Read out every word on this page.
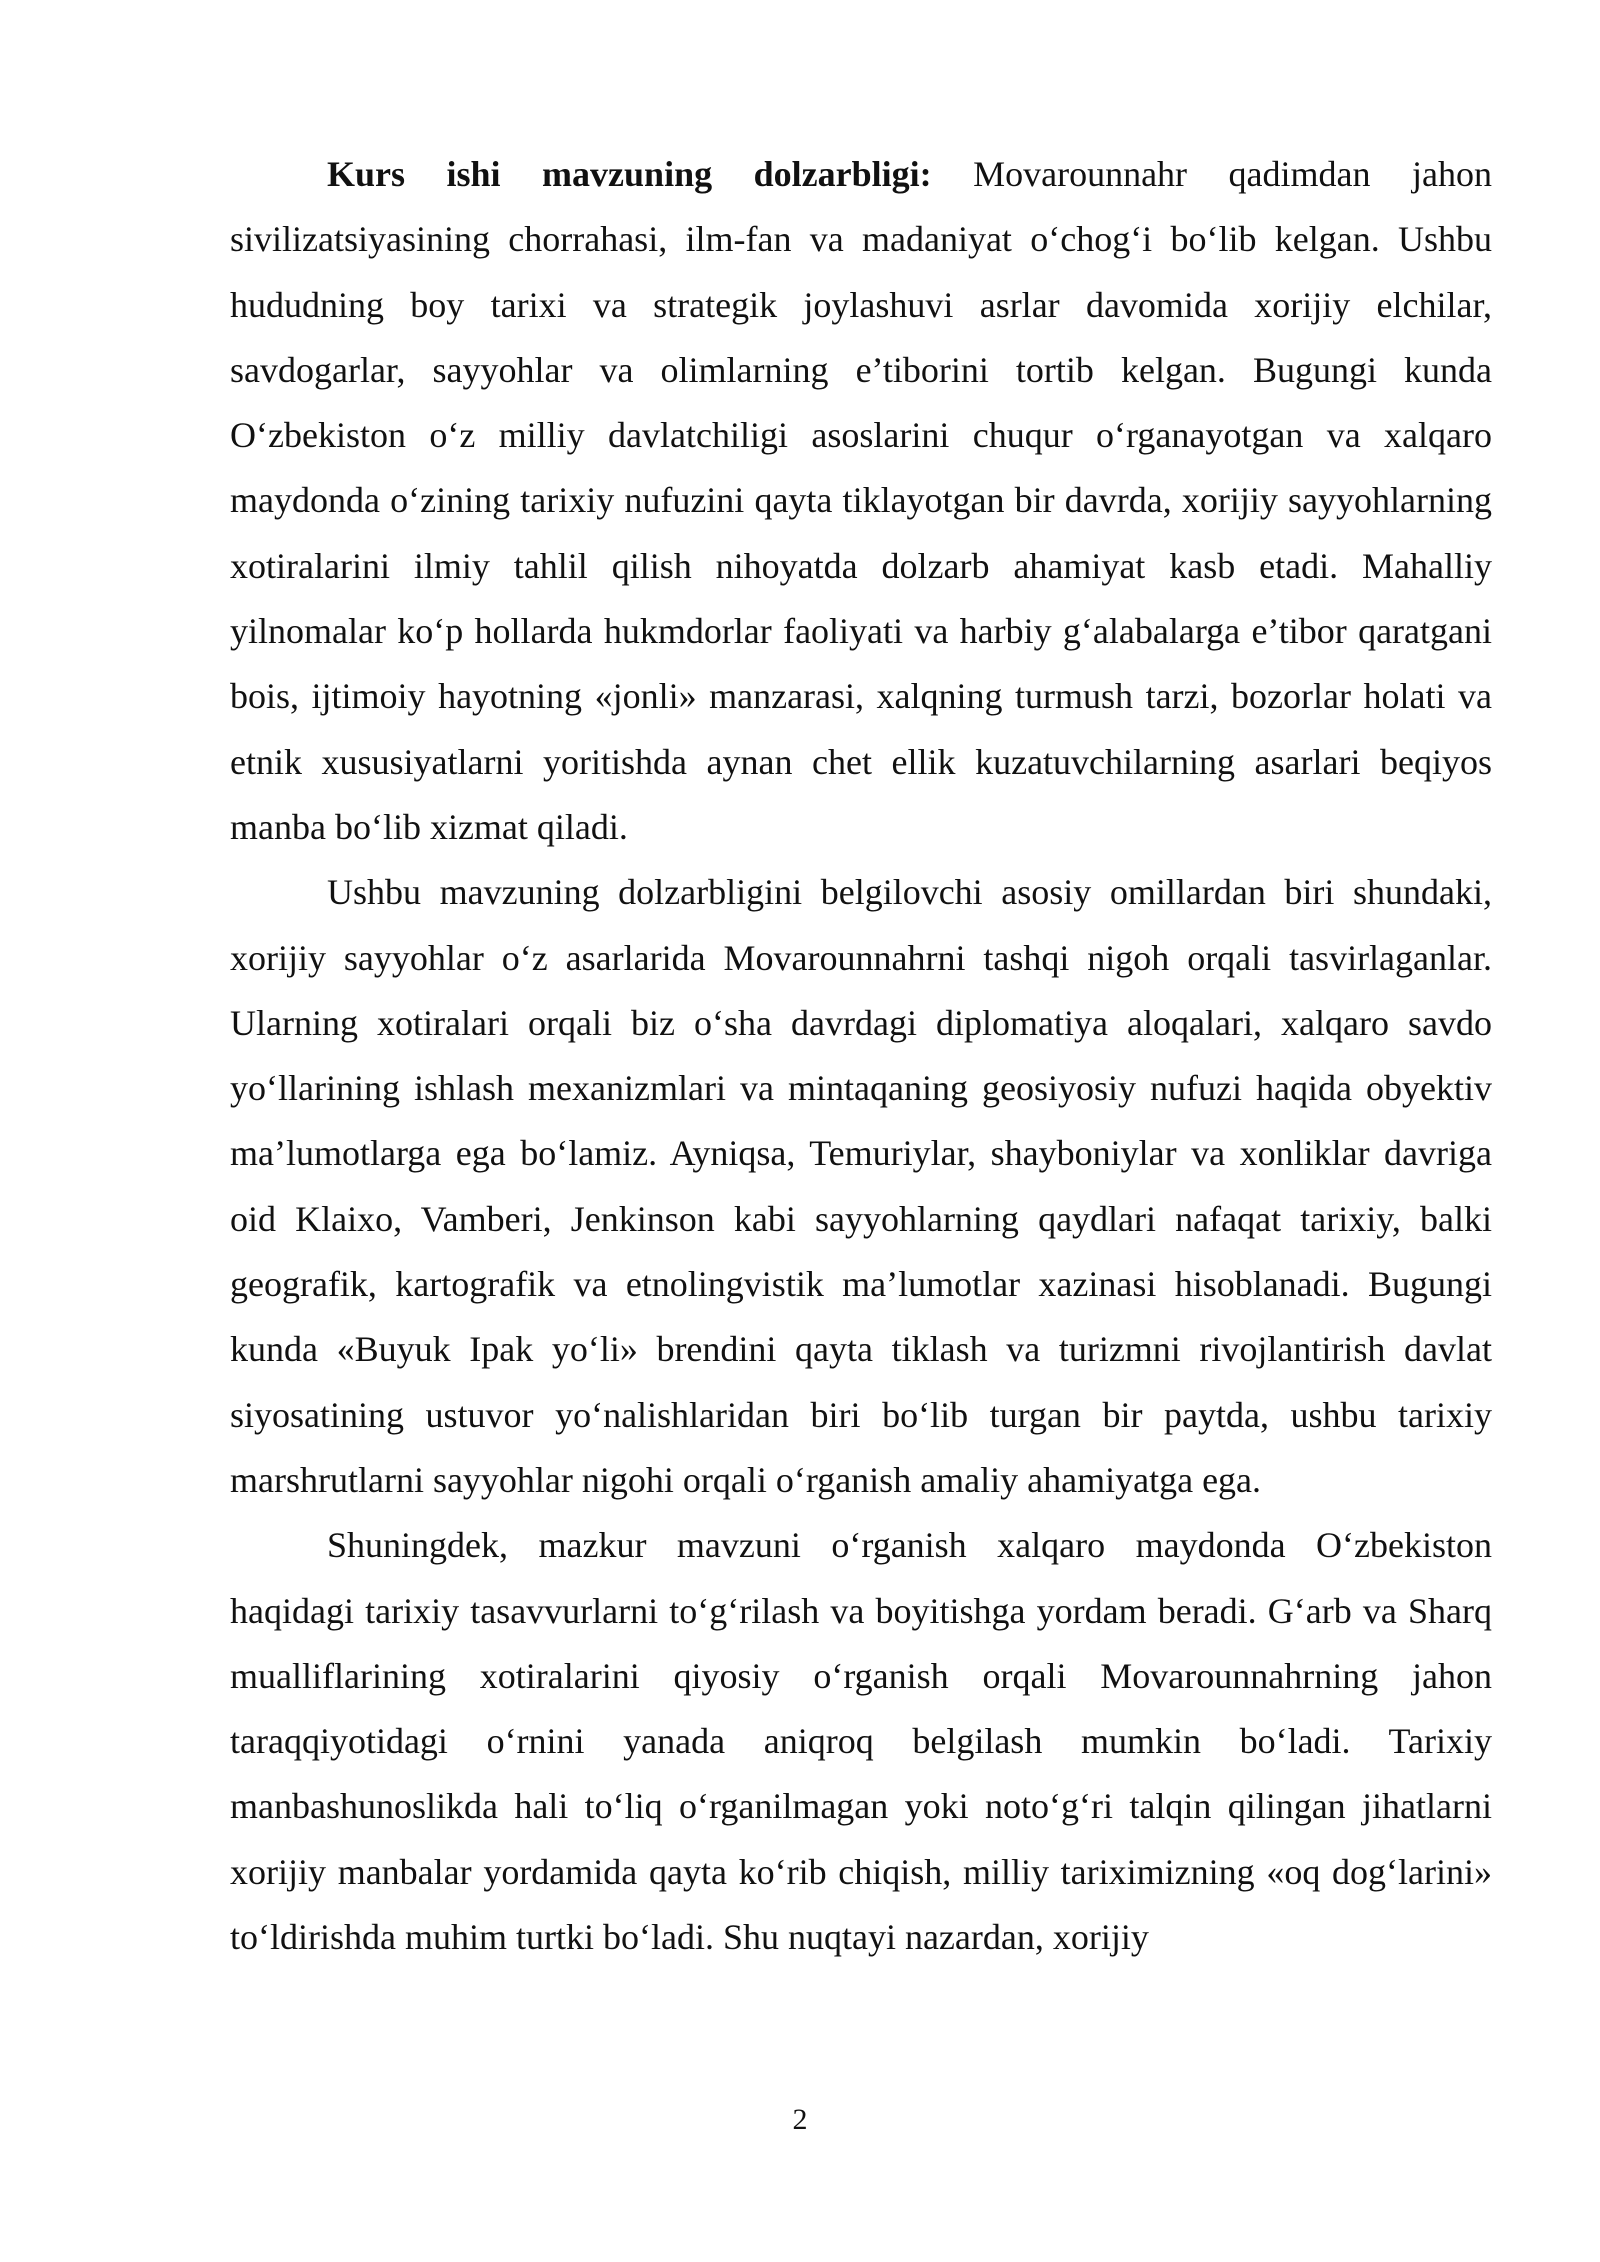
Kurs ishi mavzuning dolzarbligi: Movarounnahr qadimdan jahon sivilizatsiyasining chorrahasi, ilm-fan va madaniyat o‘chog‘i bo‘lib kelgan. Ushbu hududning boy tarixi va strategik joylashuvi asrlar davomida xorijiy elchilar, savdogarlar, sayyohlar va olimlarning e’tiborini tortib kelgan. Bugungi kunda O‘zbekiston o‘z milliy davlatchiligi asoslarini chuqur o‘rganayotgan va xalqaro maydonda o‘zining tarixiy nufuzini qayta tiklayotgan bir davrda, xorijiy sayyohlarning xotiralarini ilmiy tahlil qilish nihoyatda dolzarb ahamiyat kasb etadi. Mahalliy yilnomalar ko‘p hollarda hukmdorlar faoliyati va harbiy g‘alabalarga e’tibor qaratgani bois, ijtimoiy hayotning «jonli» manzarasi, xalqning turmush tarzi, bozorlar holati va etnik xususiyatlarni yoritishda aynan chet ellik kuzatuvchilarning asarlari beqiyos manba bo‘lib xizmat qiladi.

Ushbu mavzuning dolzarbligini belgilovchi asosiy omillardan biri shundaki, xorijiy sayyohlar o‘z asarlarida Movarounnahrni tashqi nigoh orqali tasvirlaganlar. Ularning xotiralari orqali biz o‘sha davrdagi diplomatiya aloqalari, xalqaro savdo yo‘llarining ishlash mexanizmlari va mintaqaning geosiyosiy nufuzi haqida obyektiv ma’lumotlarga ega bo‘lamiz. Ayniqsa, Temuriylar, shayboniylar va xonliklar davriga oid Klaixo, Vamberi, Jenkinson kabi sayyohlarning qaydlari nafaqat tarixiy, balki geografik, kartografik va etnolingvistik ma’lumotlar xazinasi hisoblanadi. Bugungi kunda «Buyuk Ipak yo‘li» brendini qayta tiklash va turizmni rivojlantirish davlat siyosatining ustuvor yo‘nalishlaridan biri bo‘lib turgan bir paytda, ushbu tarixiy marshrutlarni sayyohlar nigohi orqali o‘rganish amaliy ahamiyatga ega.

Shuningdek, mazkur mavzuni o‘rganish xalqaro maydonda O‘zbekiston haqidagi tarixiy tasavvurlarni to‘g‘rilash va boyitishga yordam beradi. G‘arb va Sharq mualliflarining xotiralarini qiyosiy o‘rganish orqali Movarounnahrning jahon taraqqiyotidagi o‘rnini yanada aniqroq belgilash mumkin bo‘ladi. Tarixiy manbashunoslikda hali to‘liq o‘rganilmagan yoki noto‘g‘ri talqin qilingan jihatlarni xorijiy manbalar yordamida qayta ko‘rib chiqish, milliy tariximizning «oq dog‘larini» to‘ldirishda muhim turtki bo‘ladi. Shu nuqtayi nazardan, xorijiy

2
